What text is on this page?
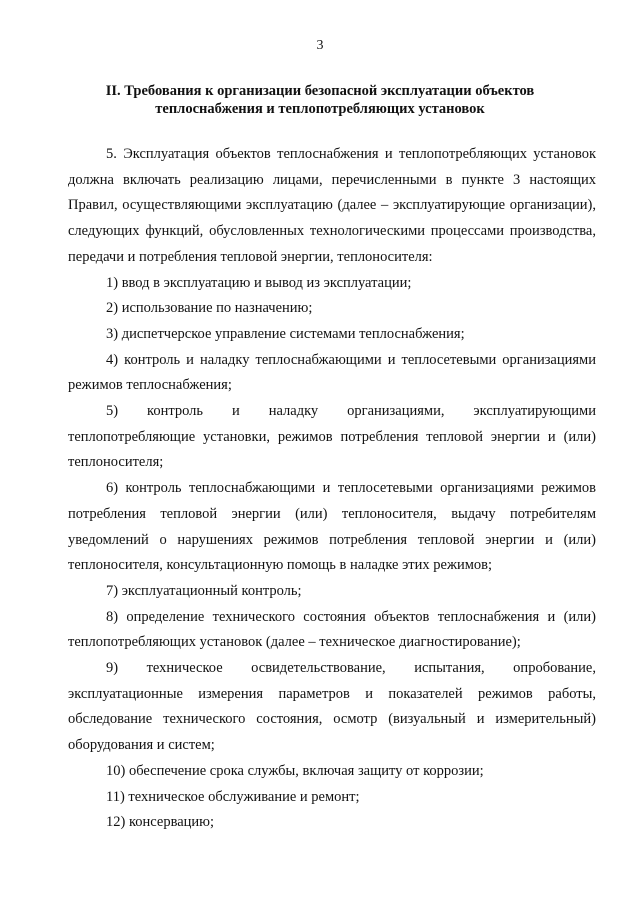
3
II. Требования к организации безопасной эксплуатации объектов
теплоснабжения и теплопотребляющих установок

5. Эксплуатация объектов теплоснабжения и теплопотребляющих установок должна включать реализацию лицами, перечисленными в пункте 3 настоящих Правил, осуществляющими эксплуатацию (далее – эксплуатирующие организации), следующих функций, обусловленных технологическими процессами производства, передачи и потребления тепловой энергии, теплоносителя:

1) ввод в эксплуатацию и вывод из эксплуатации;

2) использование по назначению;

3) диспетчерское управление системами теплоснабжения;

4) контроль и наладку теплоснабжающими и теплосетевыми организациями режимов теплоснабжения;

5) контроль и наладку организациями, эксплуатирующими теплопотребляющие установки, режимов потребления тепловой энергии и (или) теплоносителя;

6) контроль теплоснабжающими и теплосетевыми организациями режимов потребления тепловой энергии (или) теплоносителя, выдачу потребителям уведомлений о нарушениях режимов потребления тепловой энергии и (или) теплоносителя, консультационную помощь в наладке этих режимов;

7) эксплуатационный контроль;

8) определение технического состояния объектов теплоснабжения и (или) теплопотребляющих установок (далее – техническое диагностирование);

9) техническое освидетельствование, испытания, опробование, эксплуатационные измерения параметров и показателей режимов работы, обследование технического состояния, осмотр (визуальный и измерительный) оборудования и систем;

10) обеспечение срока службы, включая защиту от коррозии;

11) техническое обслуживание и ремонт;

12) консервацию;
